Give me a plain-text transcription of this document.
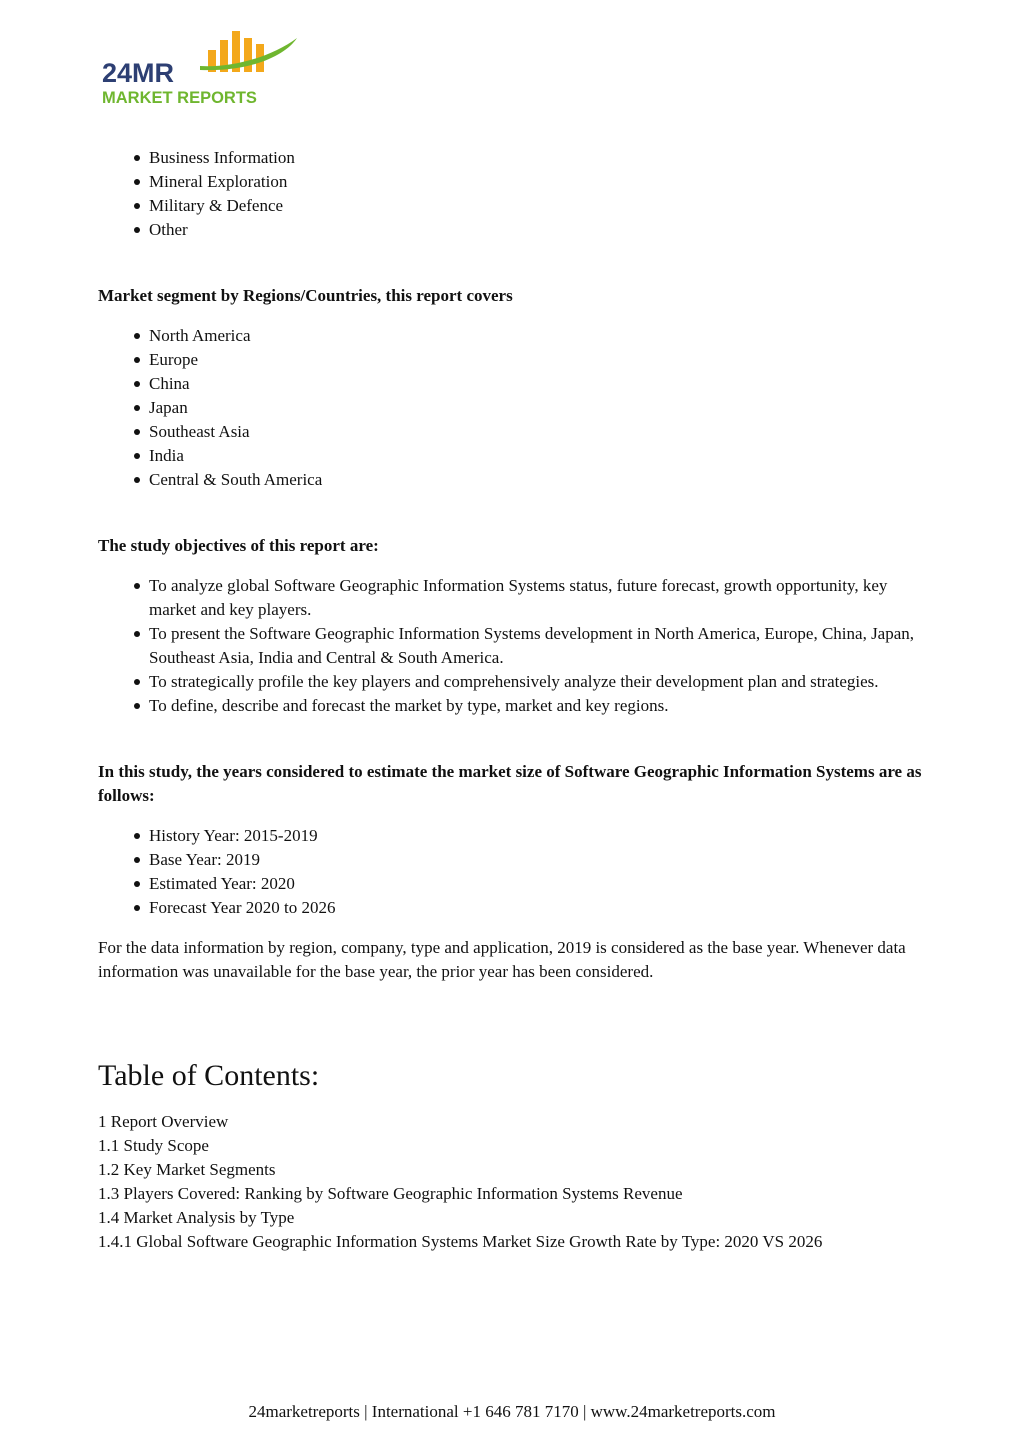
24MR
MARKET REPORTS
Business Information
Mineral Exploration
Military & Defence
Other

Market segment by Regions/Countries, this report covers

North America
Europe
China
Japan
Southeast Asia
India
Central & South America

The study objectives of this report are:

To analyze global Software Geographic Information Systems status, future forecast, growth opportunity, key market and key players.
To present the Software Geographic Information Systems development in North America, Europe, China, Japan, Southeast Asia, India and Central & South America.
To strategically profile the key players and comprehensively analyze their development plan and strategies.
To define, describe and forecast the market by type, market and key regions.

In this study, the years considered to estimate the market size of Software Geographic Information Systems are as follows:

History Year: 2015-2019
Base Year: 2019
Estimated Year: 2020
Forecast Year 2020 to 2026

For the data information by region, company, type and application, 2019 is considered as the base year. Whenever data information was unavailable for the base year, the prior year has been considered.

Table of Contents:
1 Report Overview
1.1 Study Scope
1.2 Key Market Segments
1.3 Players Covered: Ranking by Software Geographic Information Systems Revenue
1.4 Market Analysis by Type
1.4.1 Global Software Geographic Information Systems Market Size Growth Rate by Type: 2020 VS 2026
24marketreports | International +1 646 781 7170 | www.24marketreports.com
